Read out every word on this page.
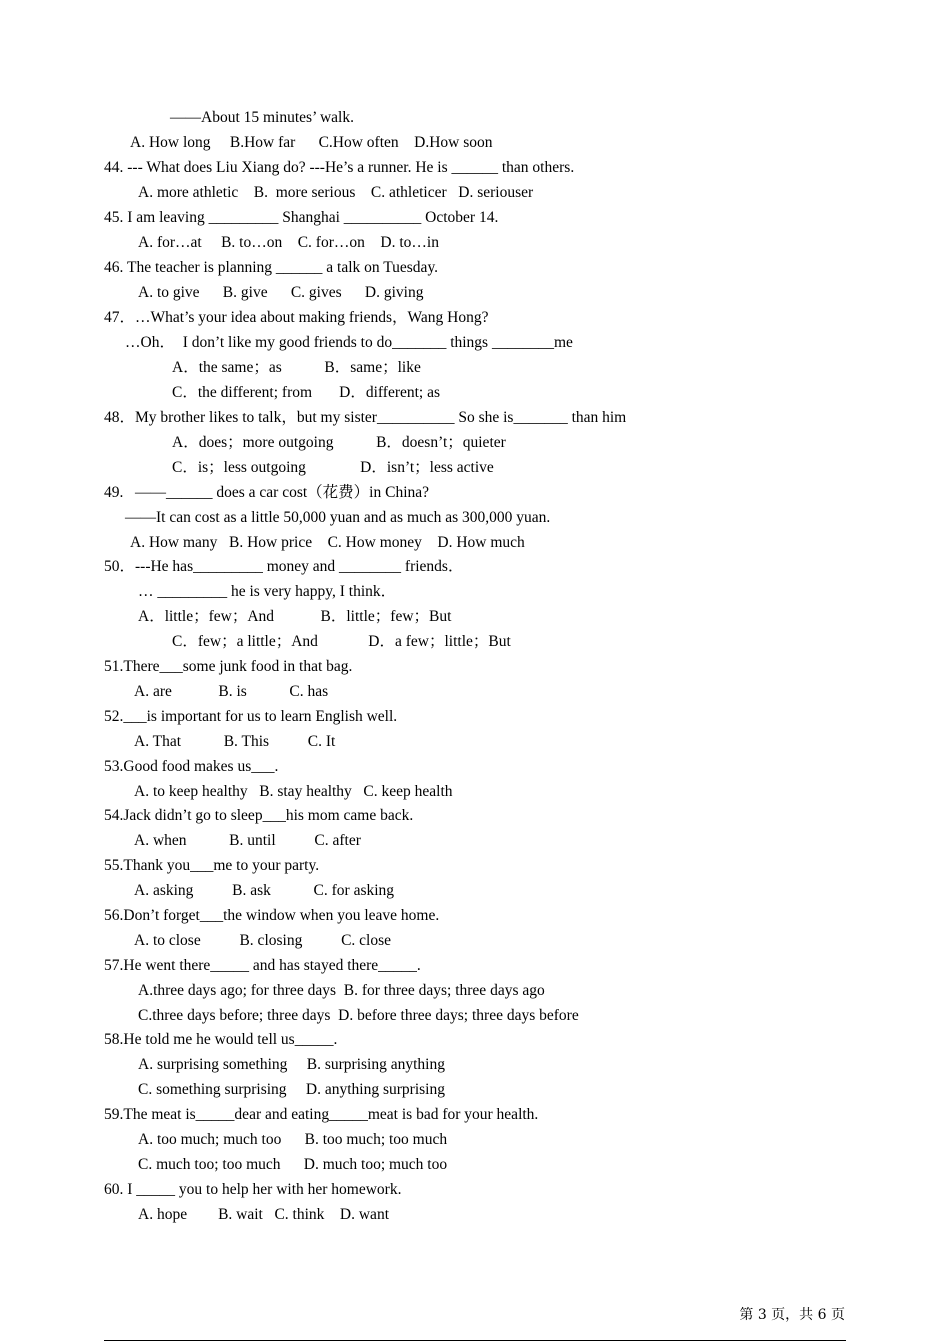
——About 15 minutes’ walk.
A. How long     B.How far      C.How often    D.How soon
44. --- What does Liu Xiang do? ---He’s a runner. He is ______ than others.
A. more athletic    B.  more serious    C. athleticer   D. seriouser
45. I am leaving _________ Shanghai __________ October 14.
A. for…at     B. to…on    C. for…on    D. to…in
46. The teacher is planning ______ a talk on Tuesday.
A. to give      B. give      C. gives      D. giving
47．…What’s your idea about making friends，Wang Hong?
…Oh．  I don’t like my good friends to do_______ things ________me
A．the same；as           B．same；like
C．the different; from       D．different; as
48．My brother likes to talk，but my sister__________ So she is_______ than him
A．does；more outgoing           B．doesn’t；quieter
C．is；less outgoing              D．isn’t；less active
49.   ——______ does a car cost（花费）in China?
——It can cost as a little 50,000 yuan and as much as 300,000 yuan.
A. How many   B. How price    C. How money    D. How much
50．---He has_________ money and ________ friends．
… _________ he is very happy, I think．
A．little；few；And            B．little；few；But
C．few；a little；And             D．a few；little；But
51.There___some junk food in that bag.
A. are            B. is           C. has
52.___is important for us to learn English well.
A. That           B. This          C. It
53.Good food makes us___.
A. to keep healthy   B. stay healthy   C. keep health
54.Jack didn’t go to sleep___his mom came back.
A. when           B. until          C. after
55.Thank you___me to your party.
A. asking          B. ask           C. for asking
56.Don’t forget___the window when you leave home.
A. to close          B. closing          C. close
57.He went there_____ and has stayed there_____.
A.three days ago; for three days  B. for three days; three days ago
C.three days before; three days  D. before three days; three days before
58.He told me he would tell us_____.
A. surprising something     B. surprising anything
C. something surprising     D. anything surprising
59.The meat is_____dear and eating_____meat is bad for your health.
A. too much; much too      B. too much; too much
C. much too; too much      D. much too; much too
60. I _____ you to help her with her homework.
A. hope        B. wait   C. think    D. want
第 3 页，共 6 页
